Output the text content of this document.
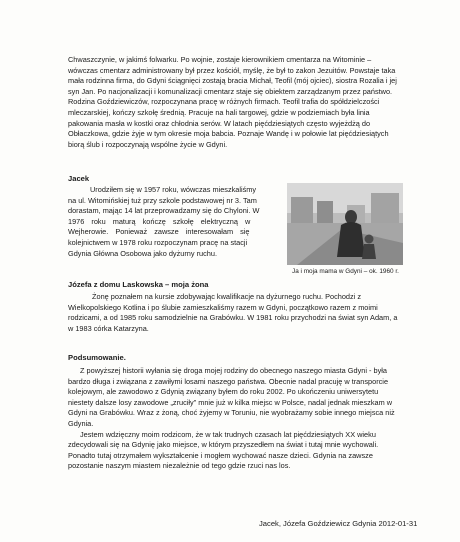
Chwaszczynie, w jakimś folwarku. Po wojnie, zostaje kierownikiem cmentarza na Witominie –
wówczas cmentarz administrowany był przez kościół, myślę, że był to zakon Jezuitów. Powstaje taka
mała rodzinna firma, do Gdyni ściągnięci zostają bracia Michał, Teofil (mój ojciec), siostra Rozalia i jej
syn Jan. Po nacjonalizacji i komunalizacji cmentarz staje się obiektem zarządzanym przez państwo.
Rodzina Goździewiczów, rozpoczynana pracę w różnych firmach. Teofil trafia do spółdzielczości
mleczarskiej, kończy szkołę średnią. Pracuje na hali targowej, gdzie w podziemiach była linia
pakowania masła w kostki oraz chłodnia serów. W latach pięćdziesiątych często wyjeżdżą do
Obłaczkowa, gdzie żyje w tym okresie moja babcia. Poznaje Wandę i w połowie lat pięćdziesiątych
biorą ślub i rozpoczynają wspólne życie w Gdyni.
Jacek
Urodziłem się w 1957 roku, wówczas mieszkaliśmy
na ul. Witomińskiej tuż przy szkole podstawowej nr 3. Tam
dorastam, mając 14 lat przeprowadzamy się do Chyloni. W
1976 roku maturą kończę szkołę elektryczną w
Wejherowie. Ponieważ zawsze interesowałam się
kolejnictwem w 1978 roku rozpoczynam pracę na stacji
Gdynia Główna Osobowa jako dyżurny ruchu.
Ja i moja mama w Gdyni – ok. 1960 r.
Józefa z domu Laskowska – moja żona
Żonę poznałem na kursie zdobywając kwalifikacje na dyżurnego ruchu. Pochodzi z
Wielkopolskiego Kotlina i po ślubie zamieszkaliśmy razem w Gdyni, początkowo razem z moimi
rodzicami, a od 1985 roku samodzielnie na Grabówku. W 1981 roku przychodzi na świat syn Adam, a
w 1983 córka Katarzyna.
Podsumowanie.
Z powyższej historii wyłania się droga mojej rodziny do obecnego naszego miasta Gdyni - była
bardzo długa i związana z zawiłymi losami naszego państwa. Obecnie nadal pracuję w transporcie
kolejowym, ale zawodowo z Gdynią związany byłem do roku 2002. Po ukończeniu uniwersytetu
niestety dalsze losy zawodowe „zruciły” mnie już w kilka miejsc w Polsce, nadal jednak mieszkam w
Gdyni na Grabówku. Wraz z żoną, choć żyjemy w Toruniu, nie wyobrażamy sobie innego miejsca niż
Gdynia.
Jestem wdzięczny moim rodzicom, że w tak trudnych czasach lat pięćdziesiątych XX wieku
zdecydowali się na Gdynię jako miejsce, w którym przyszedłem na świat i tutaj mnie wychowali.
Ponadto tutaj otrzymałem wykształcenie i mogłem wychować nasze dzieci. Gdynia na zawsze
pozostanie naszym miastem niezależnie od tego gdzie rzuci nas los.
Jacek, Józefa Goździewicz Gdynia 2012-01-31
